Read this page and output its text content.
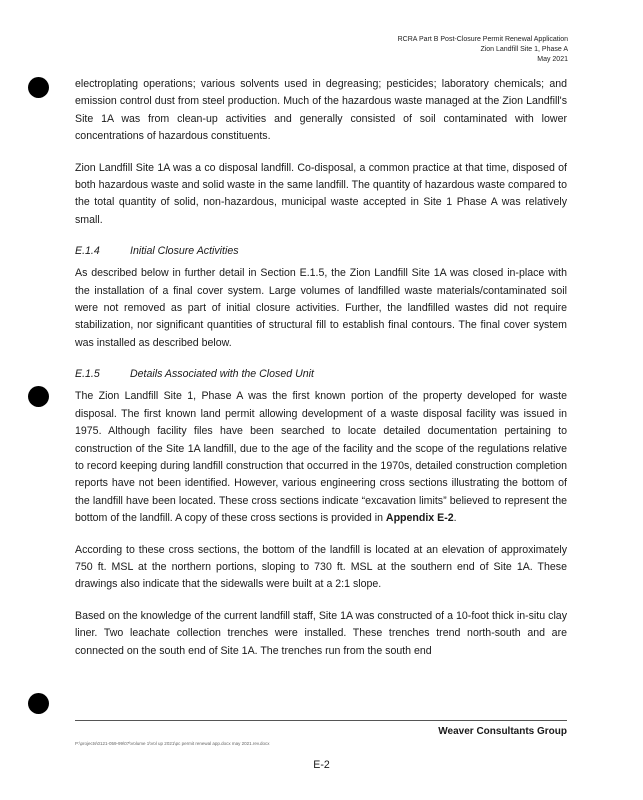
RCRA Part B Post-Closure Permit Renewal Application
Zion Landfill Site 1, Phase A
May 2021

electroplating operations; various solvents used in degreasing; pesticides; laboratory chemicals; and emission control dust from steel production. Much of the hazardous waste managed at the Zion Landfill's Site 1A was from clean-up activities and generally consisted of soil contaminated with lower concentrations of hazardous constituents.

Zion Landfill Site 1A was a co disposal landfill. Co-disposal, a common practice at that time, disposed of both hazardous waste and solid waste in the same landfill. The quantity of hazardous waste compared to the total quantity of solid, non-hazardous, municipal waste accepted in Site 1 Phase A was relatively small.

E.1.4	Initial Closure Activities

As described below in further detail in Section E.1.5, the Zion Landfill Site 1A was closed in-place with the installation of a final cover system. Large volumes of landfilled waste materials/contaminated soil were not removed as part of initial closure activities. Further, the landfilled wastes did not require stabilization, nor significant quantities of structural fill to establish final contours. The final cover system was installed as described below.

E.1.5	Details Associated with the Closed Unit

The Zion Landfill Site 1, Phase A was the first known portion of the property developed for waste disposal. The first known land permit allowing development of a waste disposal facility was issued in 1975. Although facility files have been searched to locate detailed documentation pertaining to construction of the Site 1A landfill, due to the age of the facility and the scope of the regulations relative to record keeping during landfill construction that occurred in the 1970s, detailed construction completion reports have not been identified. However, various engineering cross sections illustrating the bottom of the landfill have been located. These cross sections indicate “excavation limits” believed to represent the bottom of the landfill. A copy of these cross sections is provided in Appendix E-2.

According to these cross sections, the bottom of the landfill is located at an elevation of approximately 750 ft. MSL at the northern portions, sloping to 730 ft. MSL at the southern end of Site 1A. These drawings also indicate that the sidewalls were built at a 2:1 slope.

Based on the knowledge of the current landfill staff, Site 1A was constructed of a 10-foot thick in-situ clay liner. Two leachate collection trenches were installed. These trenches trend north-south and are connected on the south end of Site 1A. The trenches run from the south end

Weaver Consultants Group
P:\projects\0121-059-99\07\Volume 1\Vol up 2021\pc permit renewal app.docx may 2021.rev.docx
E-2
